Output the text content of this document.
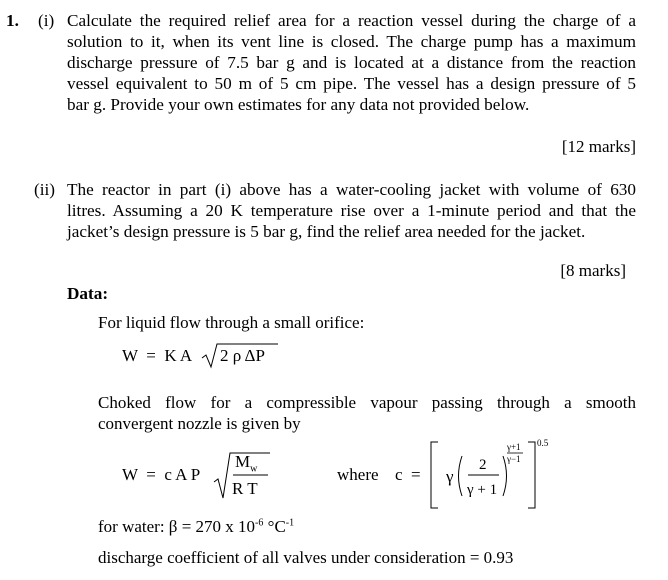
1. (i) Calculate the required relief area for a reaction vessel during the charge of a
solution to it, when its vent line is closed. The charge pump has a maximum
discharge pressure of 7.5 bar g and is located at a distance from the reaction
vessel equivalent to 50 m of 5 cm pipe. The vessel has a design pressure of 5
bar g. Provide your own estimates for any data not provided below.
[12 marks]
(ii) The reactor in part (i) above has a water-cooling jacket with volume of 630
litres. Assuming a 20 K temperature rise over a 1-minute period and that the
jacket’s design pressure is 5 bar g, find the relief area needed for the jacket.
[8 marks]
Data:
For liquid flow through a small orifice:
W  =  K A 2 ρ ΔP
Choked flow for a compressible vapour passing through a smooth
convergent nozzle is given by
W  =  c A P
$M_w$
R T
where c  = γ
2
γ + 1
γ+1
γ−1
0.5
for water: β = 270 x $10^{-6}$ $^\circ C^{-1}$
discharge coefficient of all valves under consideration = 0.93
